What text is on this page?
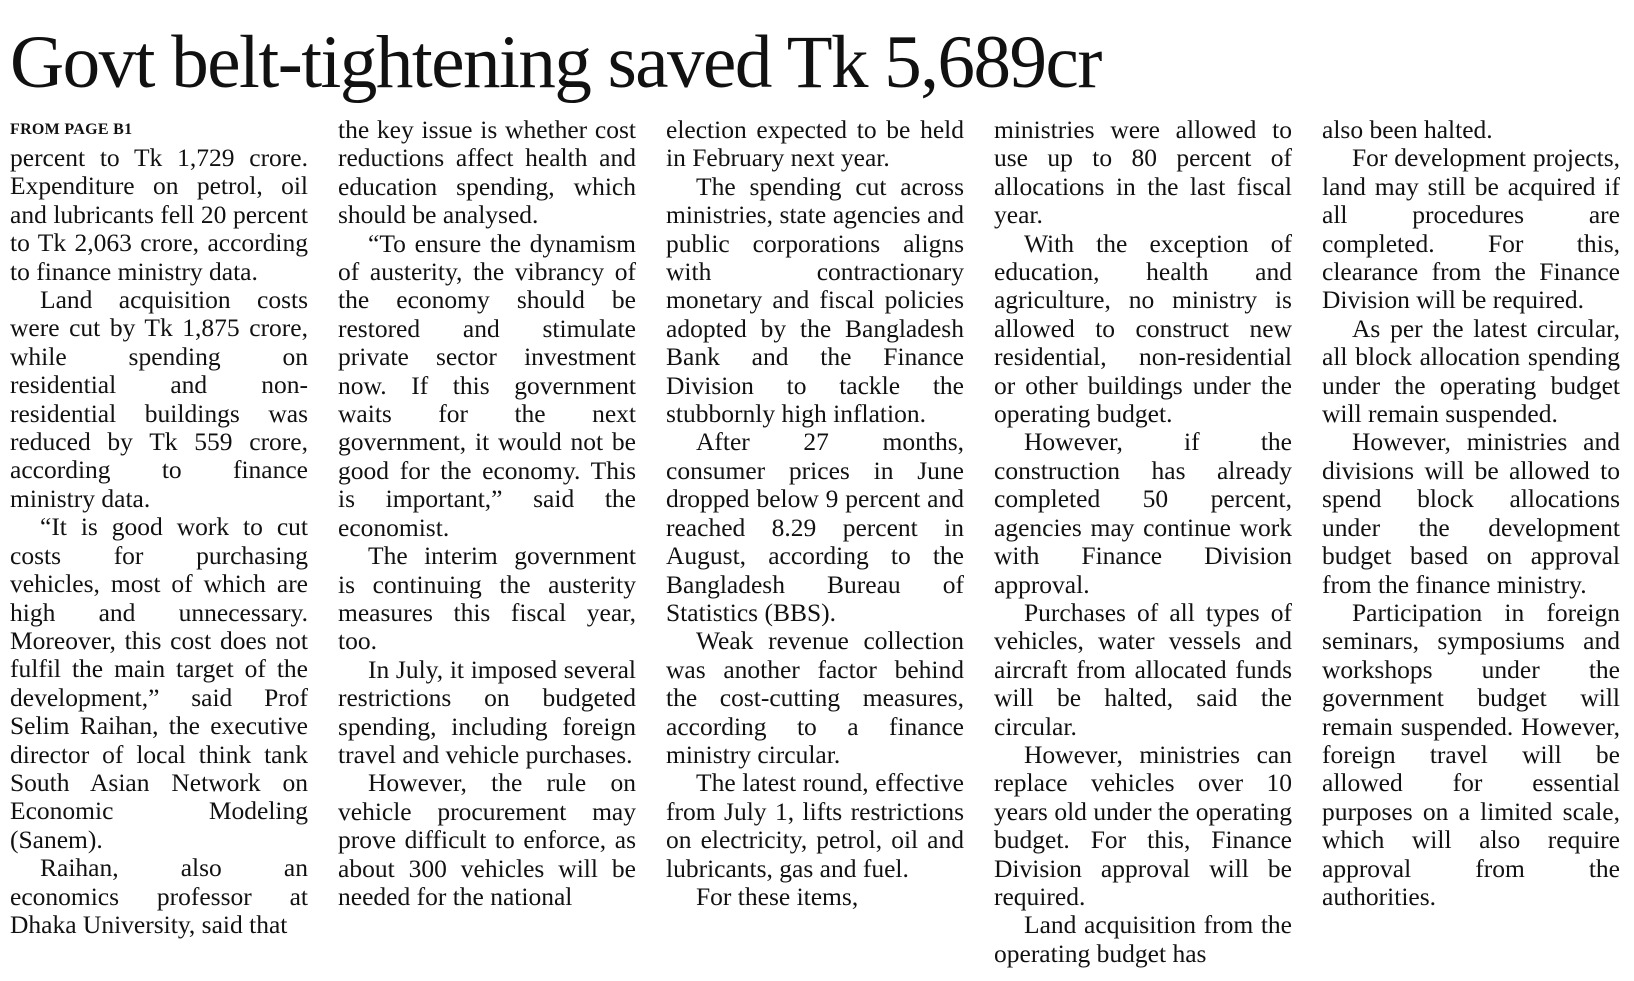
Govt belt-tightening saved Tk 5,689cr
FROM PAGE B1

percent to Tk 1,729 crore. Expenditure on petrol, oil and lubricants fell 20 percent to Tk 2,063 crore, according to finance ministry data.

Land acquisition costs were cut by Tk 1,875 crore, while spending on residential and non-residential buildings was reduced by Tk 559 crore, according to finance ministry data.

“It is good work to cut costs for purchasing vehicles, most of which are high and unnecessary. Moreover, this cost does not fulfil the main target of the development,” said Prof Selim Raihan, the executive director of local think tank South Asian Network on Economic Modeling (Sanem).

Raihan, also an economics professor at Dhaka University, said that

the key issue is whether cost reductions affect health and education spending, which should be analysed.

“To ensure the dynamism of austerity, the vibrancy of the economy should be restored and stimulate private sector investment now. If this government waits for the next government, it would not be good for the economy. This is important,” said the economist.

The interim government is continuing the austerity measures this fiscal year, too.

In July, it imposed several restrictions on budgeted spending, including foreign travel and vehicle purchases.

However, the rule on vehicle procurement may prove difficult to enforce, as about 300 vehicles will be needed for the national

election expected to be held in February next year.

The spending cut across ministries, state agencies and public corporations aligns with contractionary monetary and fiscal policies adopted by the Bangladesh Bank and the Finance Division to tackle the stubbornly high inflation.

After 27 months, consumer prices in June dropped below 9 percent and reached 8.29 percent in August, according to the Bangladesh Bureau of Statistics (BBS).

Weak revenue collection was another factor behind the cost-cutting measures, according to a finance ministry circular.

The latest round, effective from July 1, lifts restrictions on electricity, petrol, oil and lubricants, gas and fuel.

For these items,

ministries were allowed to use up to 80 percent of allocations in the last fiscal year.

With the exception of education, health and agriculture, no ministry is allowed to construct new residential, non-residential or other buildings under the operating budget.

However, if the construction has already completed 50 percent, agencies may continue work with Finance Division approval.

Purchases of all types of vehicles, water vessels and aircraft from allocated funds will be halted, said the circular.

However, ministries can replace vehicles over 10 years old under the operating budget. For this, Finance Division approval will be required.

Land acquisition from the operating budget has

also been halted.

For development projects, land may still be acquired if all procedures are completed. For this, clearance from the Finance Division will be required.

As per the latest circular, all block allocation spending under the operating budget will remain suspended.

However, ministries and divisions will be allowed to spend block allocations under the development budget based on approval from the finance ministry.

Participation in foreign seminars, symposiums and workshops under the government budget will remain suspended. However, foreign travel will be allowed for essential purposes on a limited scale, which will also require approval from the authorities.
